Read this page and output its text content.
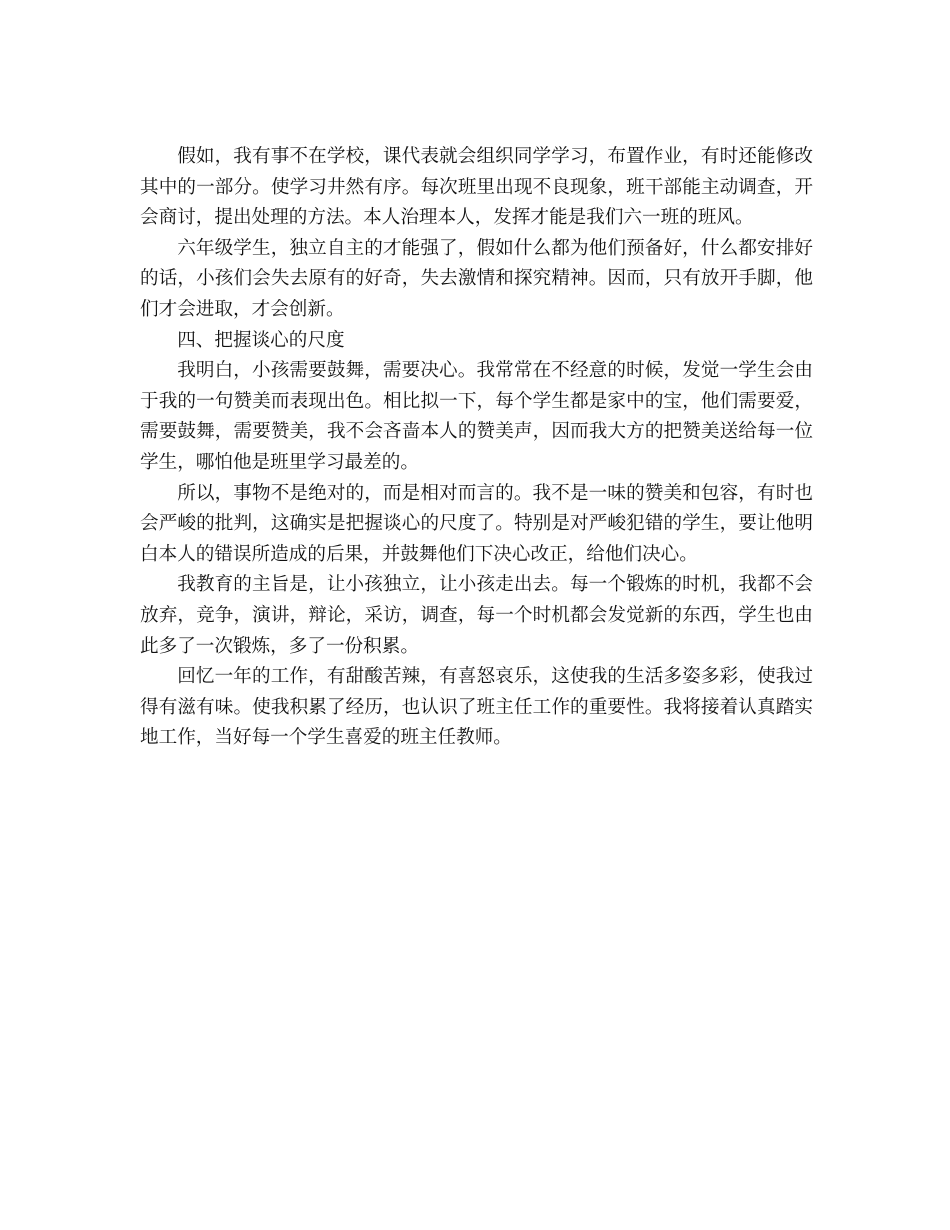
假如，我有事不在学校，课代表就会组织同学学习，布置作业，有时还能修改其中的一部分。使学习井然有序。每次班里出现不良现象，班干部能主动调查，开会商讨，提出处理的方法。本人治理本人，发挥才能是我们六一班的班风。

六年级学生，独立自主的才能强了，假如什么都为他们预备好，什么都安排好的话，小孩们会失去原有的好奇，失去激情和探究精神。因而，只有放开手脚，他们才会进取，才会创新。

四、把握谈心的尺度

我明白，小孩需要鼓舞，需要决心。我常常在不经意的时候，发觉一学生会由于我的一句赞美而表现出色。相比拟一下，每个学生都是家中的宝，他们需要爱，需要鼓舞，需要赞美，我不会吝啬本人的赞美声，因而我大方的把赞美送给每一位学生，哪怕他是班里学习最差的。

所以，事物不是绝对的，而是相对而言的。我不是一味的赞美和包容，有时也会严峻的批判，这确实是把握谈心的尺度了。特别是对严峻犯错的学生，要让他明白本人的错误所造成的后果，并鼓舞他们下决心改正，给他们决心。

我教育的主旨是，让小孩独立，让小孩走出去。每一个锻炼的时机，我都不会放弃，竞争，演讲，辩论，采访，调查，每一个时机都会发觉新的东西，学生也由此多了一次锻炼，多了一份积累。

回忆一年的工作，有甜酸苦辣，有喜怒哀乐，这使我的生活多姿多彩，使我过得有滋有味。使我积累了经历，也认识了班主任工作的重要性。我将接着认真踏实地工作，当好每一个学生喜爱的班主任教师。
